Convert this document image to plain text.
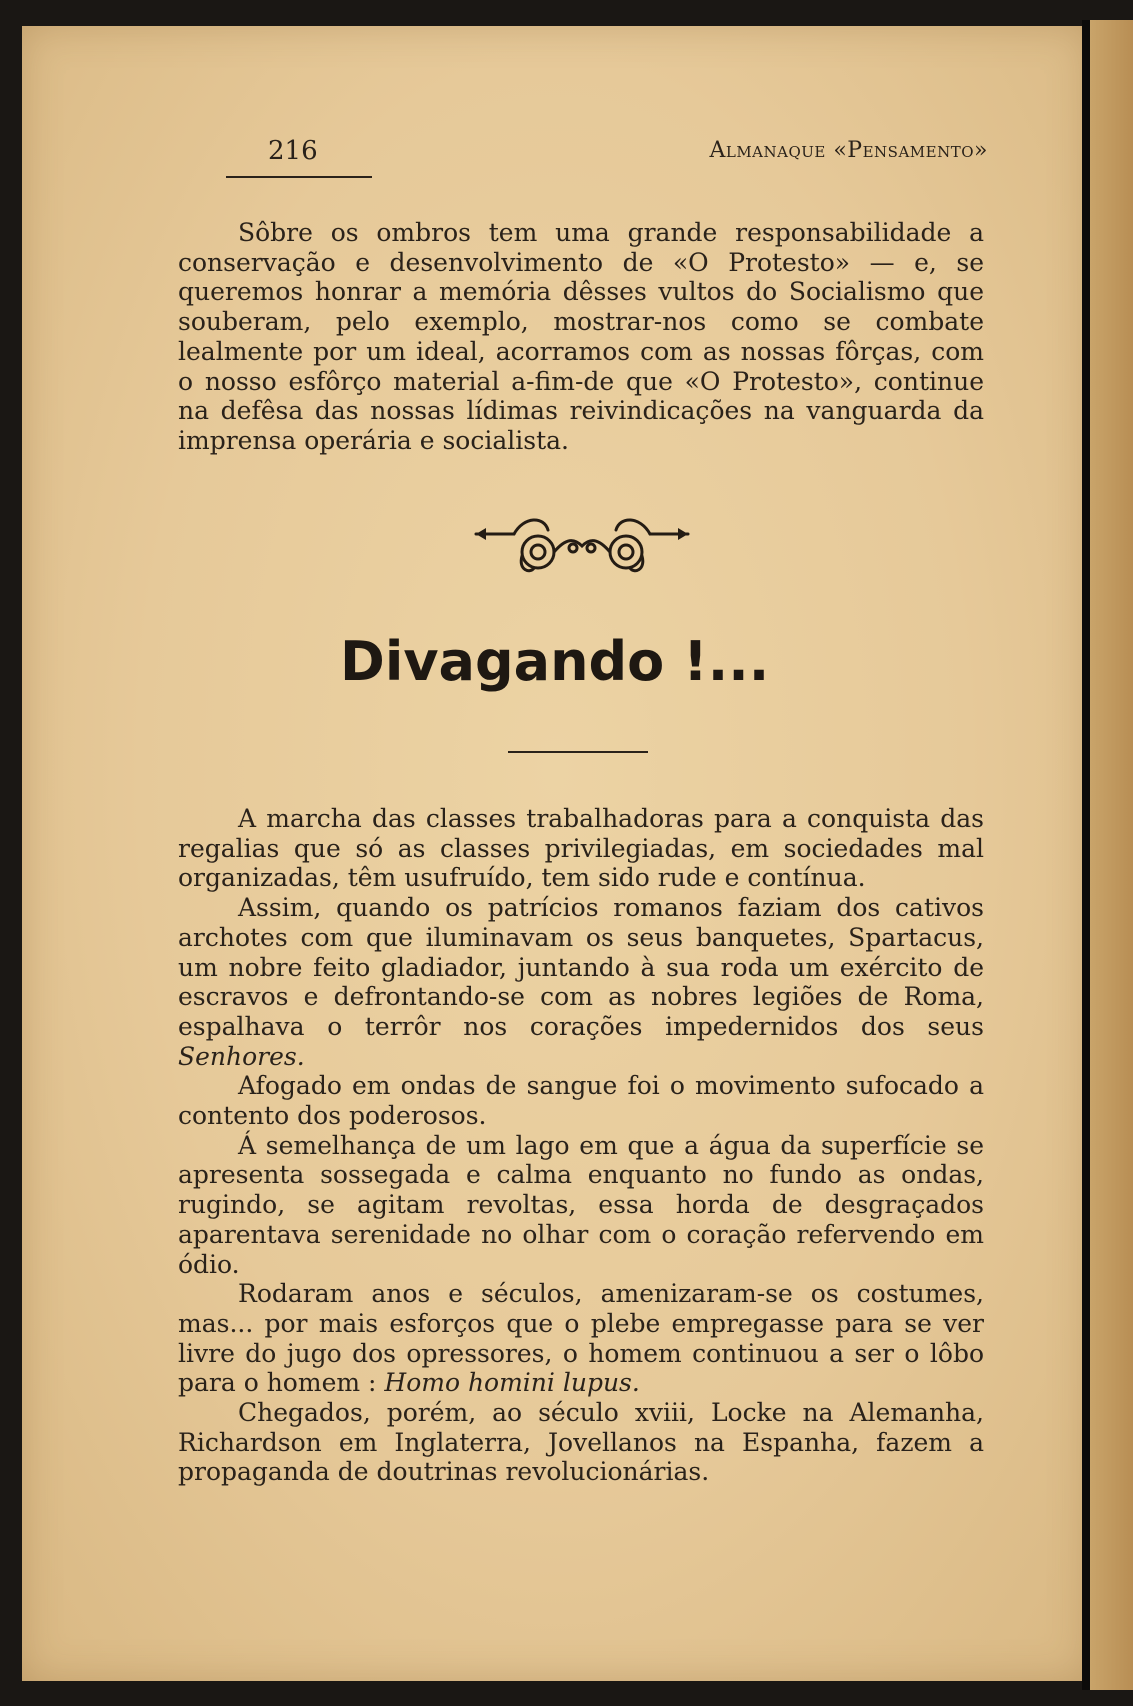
216	Almanaque «Pensamento»

Sôbre os ombros tem uma grande responsabilidade a conservação e desenvolvimento de «O Protesto» — e, se queremos honrar a memória dêsses vultos do Socialismo que souberam, pelo exemplo, mostrar-nos como se combate lealmente por um ideal, acorramos com as nossas fôrças, com o nosso esfôrço material a-fim-de que «O Protesto», continue na defêsa das nossas lídimas reivindicações na vanguarda da imprensa operária e socialista.

Divagando !...

A marcha das classes trabalhadoras para a conquista das regalias que só as classes privilegiadas, em sociedades mal organizadas, têm usufruído, tem sido rude e contínua.

Assim, quando os patrícios romanos faziam dos cativos archotes com que iluminavam os seus banquetes, Spartacus, um nobre feito gladiador, juntando à sua roda um exército de escravos e defrontando-se com as nobres legiões de Roma, espalhava o terrôr nos corações impedernidos dos seus Senhores.

Afogado em ondas de sangue foi o movimento sufocado a contento dos poderosos.

Á semelhança de um lago em que a água da superfície se apresenta sossegada e calma enquanto no fundo as ondas, rugindo, se agitam revoltas, essa horda de desgraçados aparentava serenidade no olhar com o coração refervendo em ódio.

Rodaram anos e séculos, amenizaram-se os costumes, mas... por mais esforços que o plebe empregasse para se ver livre do jugo dos opressores, o homem continuou a ser o lôbo para o homem : Homo homini lupus.

Chegados, porém, ao século xviii, Locke na Alemanha, Richardson em Inglaterra, Jovellanos na Espanha, fazem a propaganda de doutrinas revolucionárias.
